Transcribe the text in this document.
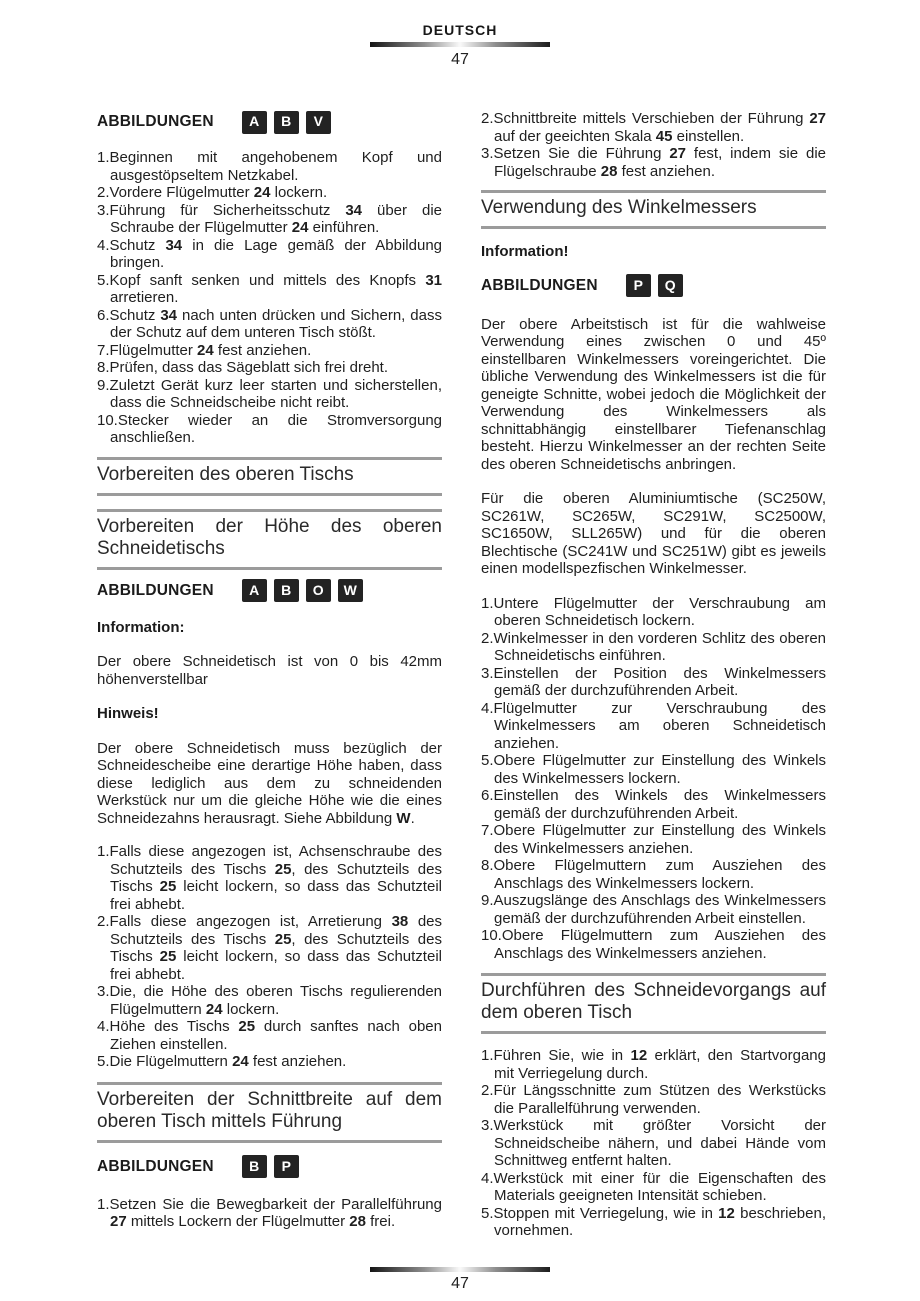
DEUTSCH
47
ABBILDUNGEN	A	B	V
1.Beginnen mit angehobenem Kopf und ausgestöpseltem Netzkabel.
2.Vordere Flügelmutter 24 lockern.
3.Führung für Sicherheitsschutz 34 über die Schraube der Flügelmutter 24 einführen.
4.Schutz 34 in die Lage gemäß der Abbildung bringen.
5.Kopf sanft senken und mittels des Knopfs 31 arretieren.
6.Schutz 34 nach unten drücken und Sichern, dass der Schutz auf dem unteren Tisch stößt.
7.Flügelmutter 24 fest anziehen.
8.Prüfen, dass das Sägeblatt sich frei dreht.
9.Zuletzt Gerät kurz leer starten und sicherstellen, dass die Schneidscheibe nicht reibt.
10.Stecker wieder an die Stromversorgung anschließen.
Vorbereiten des oberen Tischs
Vorbereiten der Höhe des oberen Schneidetischs
ABBILDUNGEN	A	B	O	W
Information:

Der obere Schneidetisch ist von 0 bis 42mm höhenverstellbar

Hinweis!

Der obere Schneidetisch muss bezüglich der Schneidescheibe eine derartige Höhe haben, dass diese lediglich aus dem zu schneidenden Werkstück nur um die gleiche Höhe wie die eines Schneidezahns herausragt. Siehe Abbildung W.

1.Falls diese angezogen ist, Achsenschraube des Schutzteils des Tischs 25, des Schutzteils des Tischs 25 leicht lockern, so dass das Schutzteil frei abhebt.
2.Falls diese angezogen ist, Arretierung 38 des Schutzteils des Tischs 25, des Schutzteils des Tischs 25 leicht lockern, so dass das Schutzteil frei abhebt.
3.Die, die Höhe des oberen Tischs regulierenden Flügelmuttern 24 lockern.
4.Höhe des Tischs 25 durch sanftes nach oben Ziehen einstellen.
5.Die Flügelmuttern 24 fest anziehen.
Vorbereiten der Schnittbreite auf dem oberen Tisch mittels Führung
ABBILDUNGEN	B	P
1.Setzen Sie die Bewegbarkeit der Parallelführung 27 mittels Lockern der Flügelmutter 28 frei.
2.Schnittbreite mittels Verschieben der Führung 27 auf der geeichten Skala 45 einstellen.
3.Setzen Sie die Führung 27 fest, indem sie die Flügelschraube 28 fest anziehen.
Verwendung des Winkelmessers
Information!
ABBILDUNGEN	P	Q

Der obere Arbeitstisch ist für die wahlweise Verwendung eines zwischen 0 und 45º einstellbaren Winkelmessers voreingerichtet. Die übliche Verwendung des Winkelmessers ist die für geneigte Schnitte, wobei jedoch die Möglichkeit der Verwendung des Winkelmessers als schnittabhängig einstellbarer Tiefenanschlag besteht. Hierzu Winkelmesser an der rechten Seite des oberen Schneidetischs anbringen.

Für die oberen Aluminiumtische (SC250W, SC261W, SC265W, SC291W, SC2500W, SC1650W, SLL265W) und für die oberen Blechtische (SC241W und SC251W) gibt es jeweils einen modellspezfischen Winkelmesser.

1.Untere Flügelmutter der Verschraubung am oberen Schneidetisch lockern.
2.Winkelmesser in den vorderen Schlitz des oberen Schneidetischs einführen.
3.Einstellen der Position des Winkelmessers gemäß der durchzuführenden Arbeit.
4.Flügelmutter zur Verschraubung des Winkelmessers am oberen Schneidetisch anziehen.
5.Obere Flügelmutter zur Einstellung des Winkels des Winkelmessers lockern.
6.Einstellen des Winkels des Winkelmessers gemäß der durchzuführenden Arbeit.
7.Obere Flügelmutter zur Einstellung des Winkels des Winkelmessers anziehen.
8.Obere Flügelmuttern zum Ausziehen des Anschlags des Winkelmessers lockern.
9.Auszugslänge des Anschlags des Winkelmessers gemäß der durchzuführenden Arbeit einstellen.
10.Obere Flügelmuttern zum Ausziehen des Anschlags des Winkelmessers anziehen.
Durchführen des Schneidevorgangs auf dem oberen Tisch
1.Führen Sie, wie in 12 erklärt, den Startvorgang mit Verriegelung durch.
2.Für Längsschnitte zum Stützen des Werkstücks die Parallelführung verwenden.
3.Werkstück mit größter Vorsicht der Schneidscheibe nähern, und dabei Hände vom Schnittweg entfernt halten.
4.Werkstück mit einer für die Eigenschaften des Materials geeigneten Intensität schieben.
5.Stoppen mit Verriegelung, wie in 12 beschrieben, vornehmen.
47
